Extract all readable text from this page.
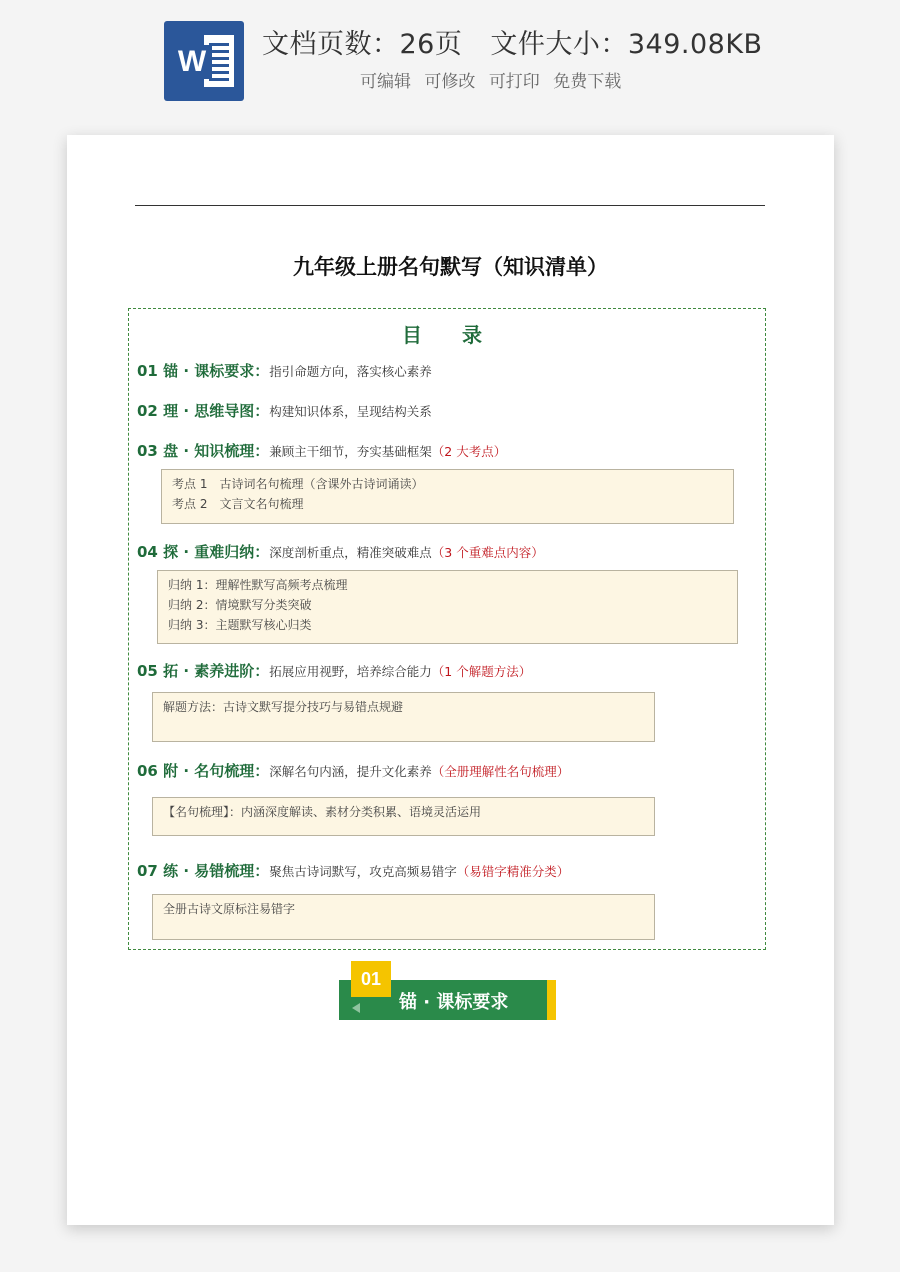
W
文档页数：26页 文件大小：349.08KB
可编辑 可修改 可打印 免费下载
九年级上册名句默写（知识清单）
目　录
01 锚 · 课标要求：指引命题方向，落实核心素养
02 理 · 思维导图：构建知识体系，呈现结构关系
03 盘 · 知识梳理：兼顾主干细节，夯实基础框架（2 大考点）
考点 1　古诗词名句梳理（含课外古诗词诵读）
考点 2　文言文名句梳理
04 探 · 重难归纳：深度剖析重点，精准突破难点（3 个重难点内容）
归纳 1：理解性默写高频考点梳理
归纳 2：情境默写分类突破
归纳 3：主题默写核心归类
05 拓 · 素养进阶：拓展应用视野，培养综合能力（1 个解题方法）
解题方法：古诗文默写提分技巧与易错点规避
06 附 · 名句梳理：深解名句内涵，提升文化素养（全册理解性名句梳理）
【名句梳理】：内涵深度解读、素材分类积累、语境灵活运用
07 练 · 易错梳理：聚焦古诗词默写，攻克高频易错字（易错字精准分类）
全册古诗文原标注易错字
01
锚 · 课标要求
